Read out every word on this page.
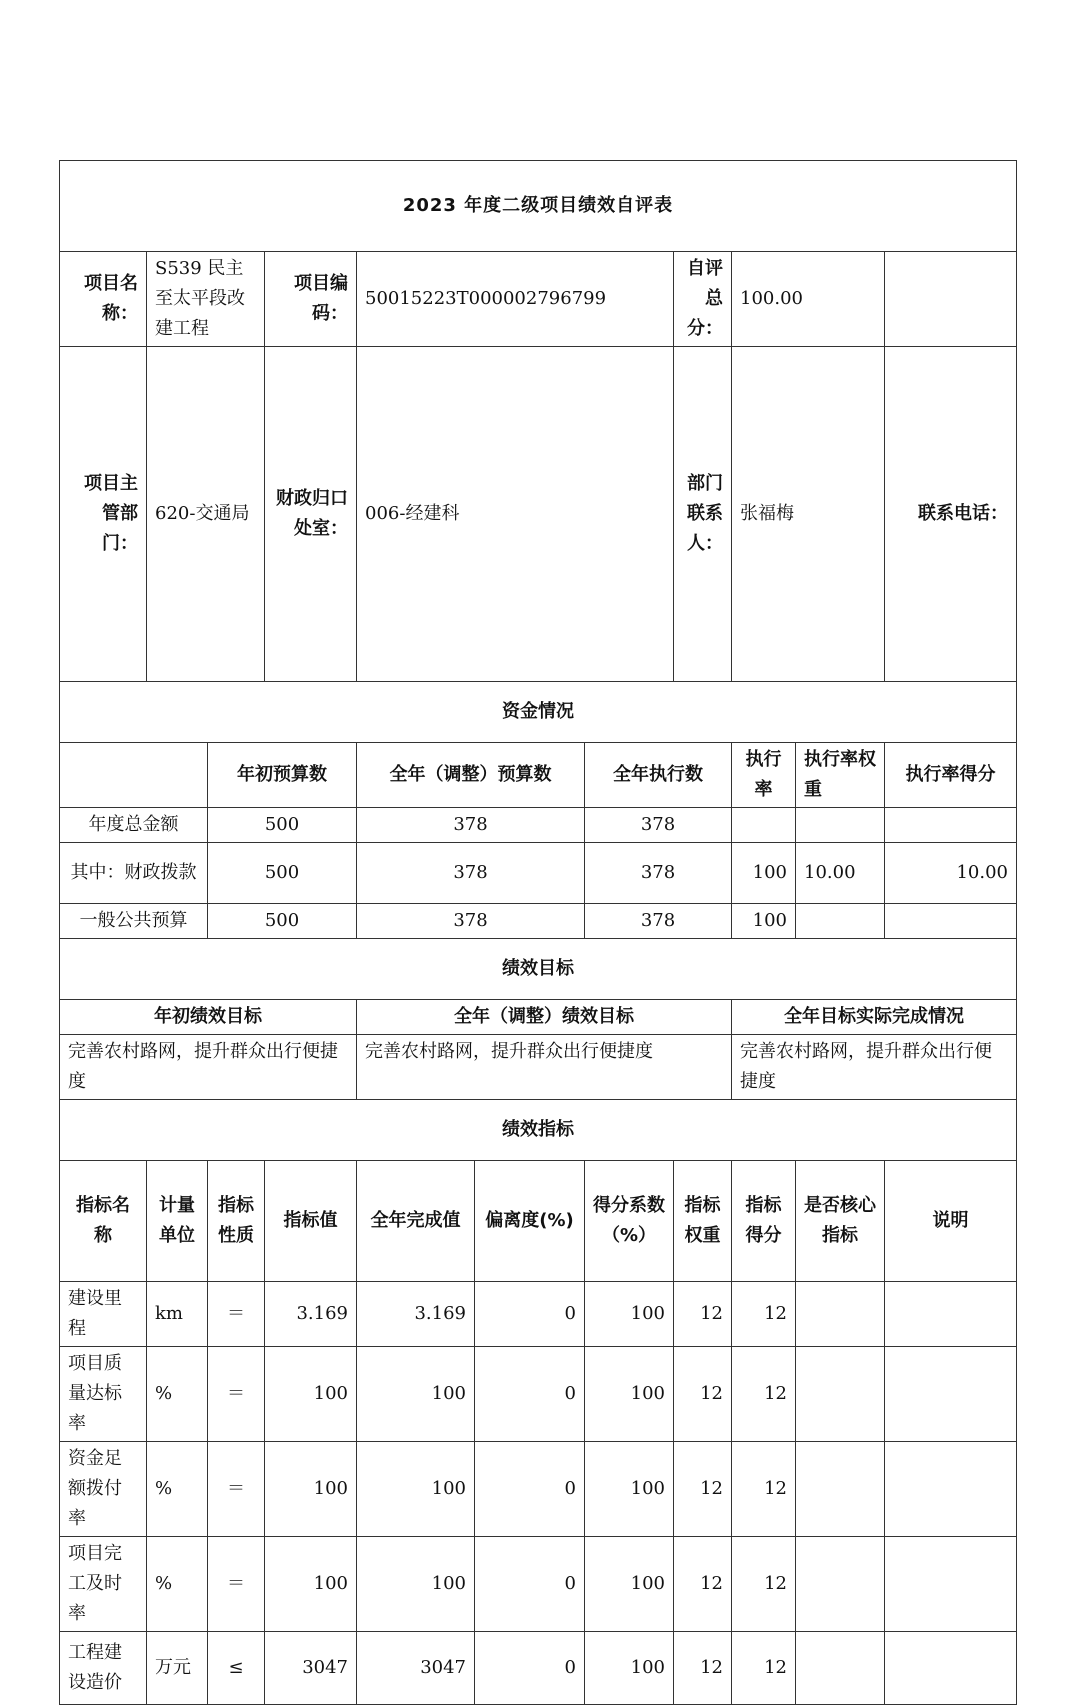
2023 年度二级项目绩效自评表											
项目名称：	S539 民主至太平段改建工程		项目编码：	50015223T000002796799			自评总分：	100.00			
项目主管部门：	620-交通局		财政归口处室：	006-经建科			部门联系人：	张福梅		联系电话：	
资金情况											
		年初预算数		全年（调整）预算数		全年执行数		执行率	执行率权重	执行率得分	
年度总金额		500		378		378					
其中：财政拨款		500		378		378		100	10.00	10.00	
一般公共预算		500		378		378		100			
绩效目标											
年初绩效目标				全年（调整）绩效目标				全年目标实际完成情况			
完善农村路网，提升群众出行便捷度				完善农村路网，提升群众出行便捷度				完善农村路网，提升群众出行便捷度			
绩效指标											
指标名称	计量单位	指标性质	指标值	全年完成值	偏离度(%)	得分系数（%）	指标权重	指标得分	是否核心指标	说明	
建设里程	km	＝	3.169	3.169	0	100	12	12			
项目质量达标率	%	＝	100	100	0	100	12	12			
资金足额拨付率	%	＝	100	100	0	100	12	12			
项目完工及时率	%	＝	100	100	0	100	12	12			
工程建设造价	万元	≤	3047	3047	0	100	12	12			
